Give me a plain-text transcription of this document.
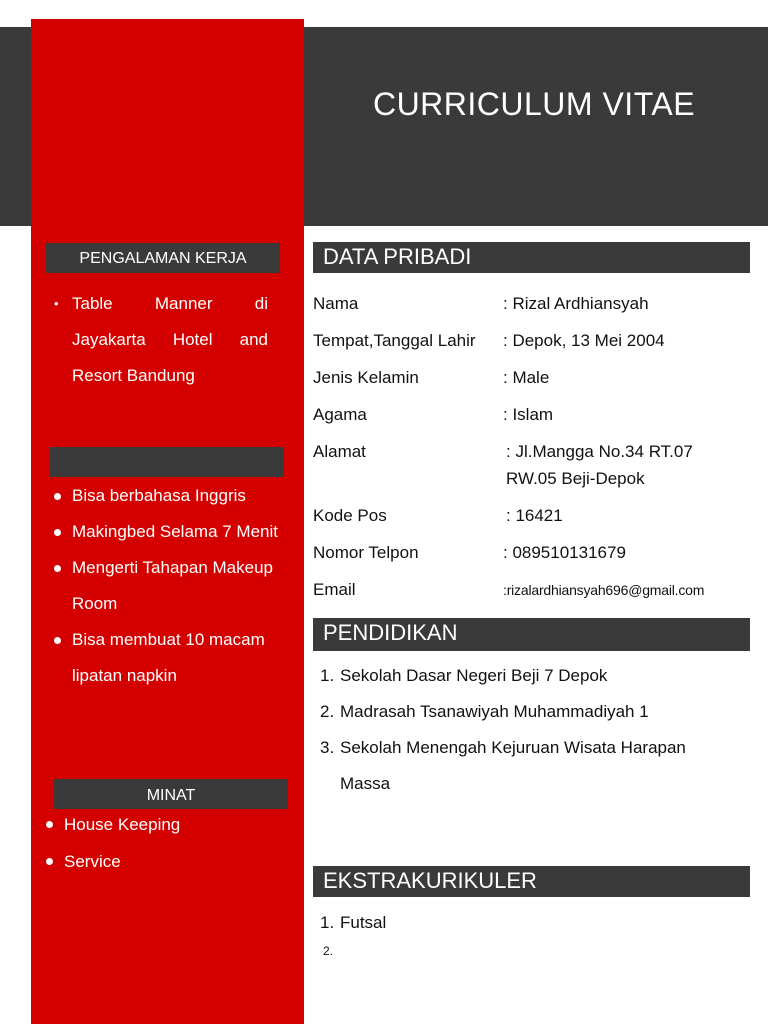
CURRICULUM VITAE
PENGALAMAN KERJA
• Table Manner di Jayakarta Hotel and Resort Bandung
Bisa berbahasa Inggris
Makingbed Selama 7 Menit
Mengerti Tahapan Makeup Room
Bisa membuat 10 macam lipatan napkin
MINAT
House Keeping
Service
DATA PRIBADI
Nama	: Rizal Ardhiansyah
Tempat,Tanggal Lahir : Depok, 13 Mei 2004
Jenis Kelamin	: Male
Agama	: Islam
Alamat	: Jl.Mangga No.34 RT.07
RW.05 Beji-Depok
Kode Pos	: 16421
Nomor Telpon	: 089510131679
Email	:rizalardhiansyah696@gmail.com
PENDIDIKAN
1. Sekolah Dasar Negeri Beji 7 Depok
2. Madrasah Tsanawiyah Muhammadiyah 1
3. Sekolah Menengah Kejuruan Wisata Harapan Massa
EKSTRAKURIKULER
1. Futsal
2.
